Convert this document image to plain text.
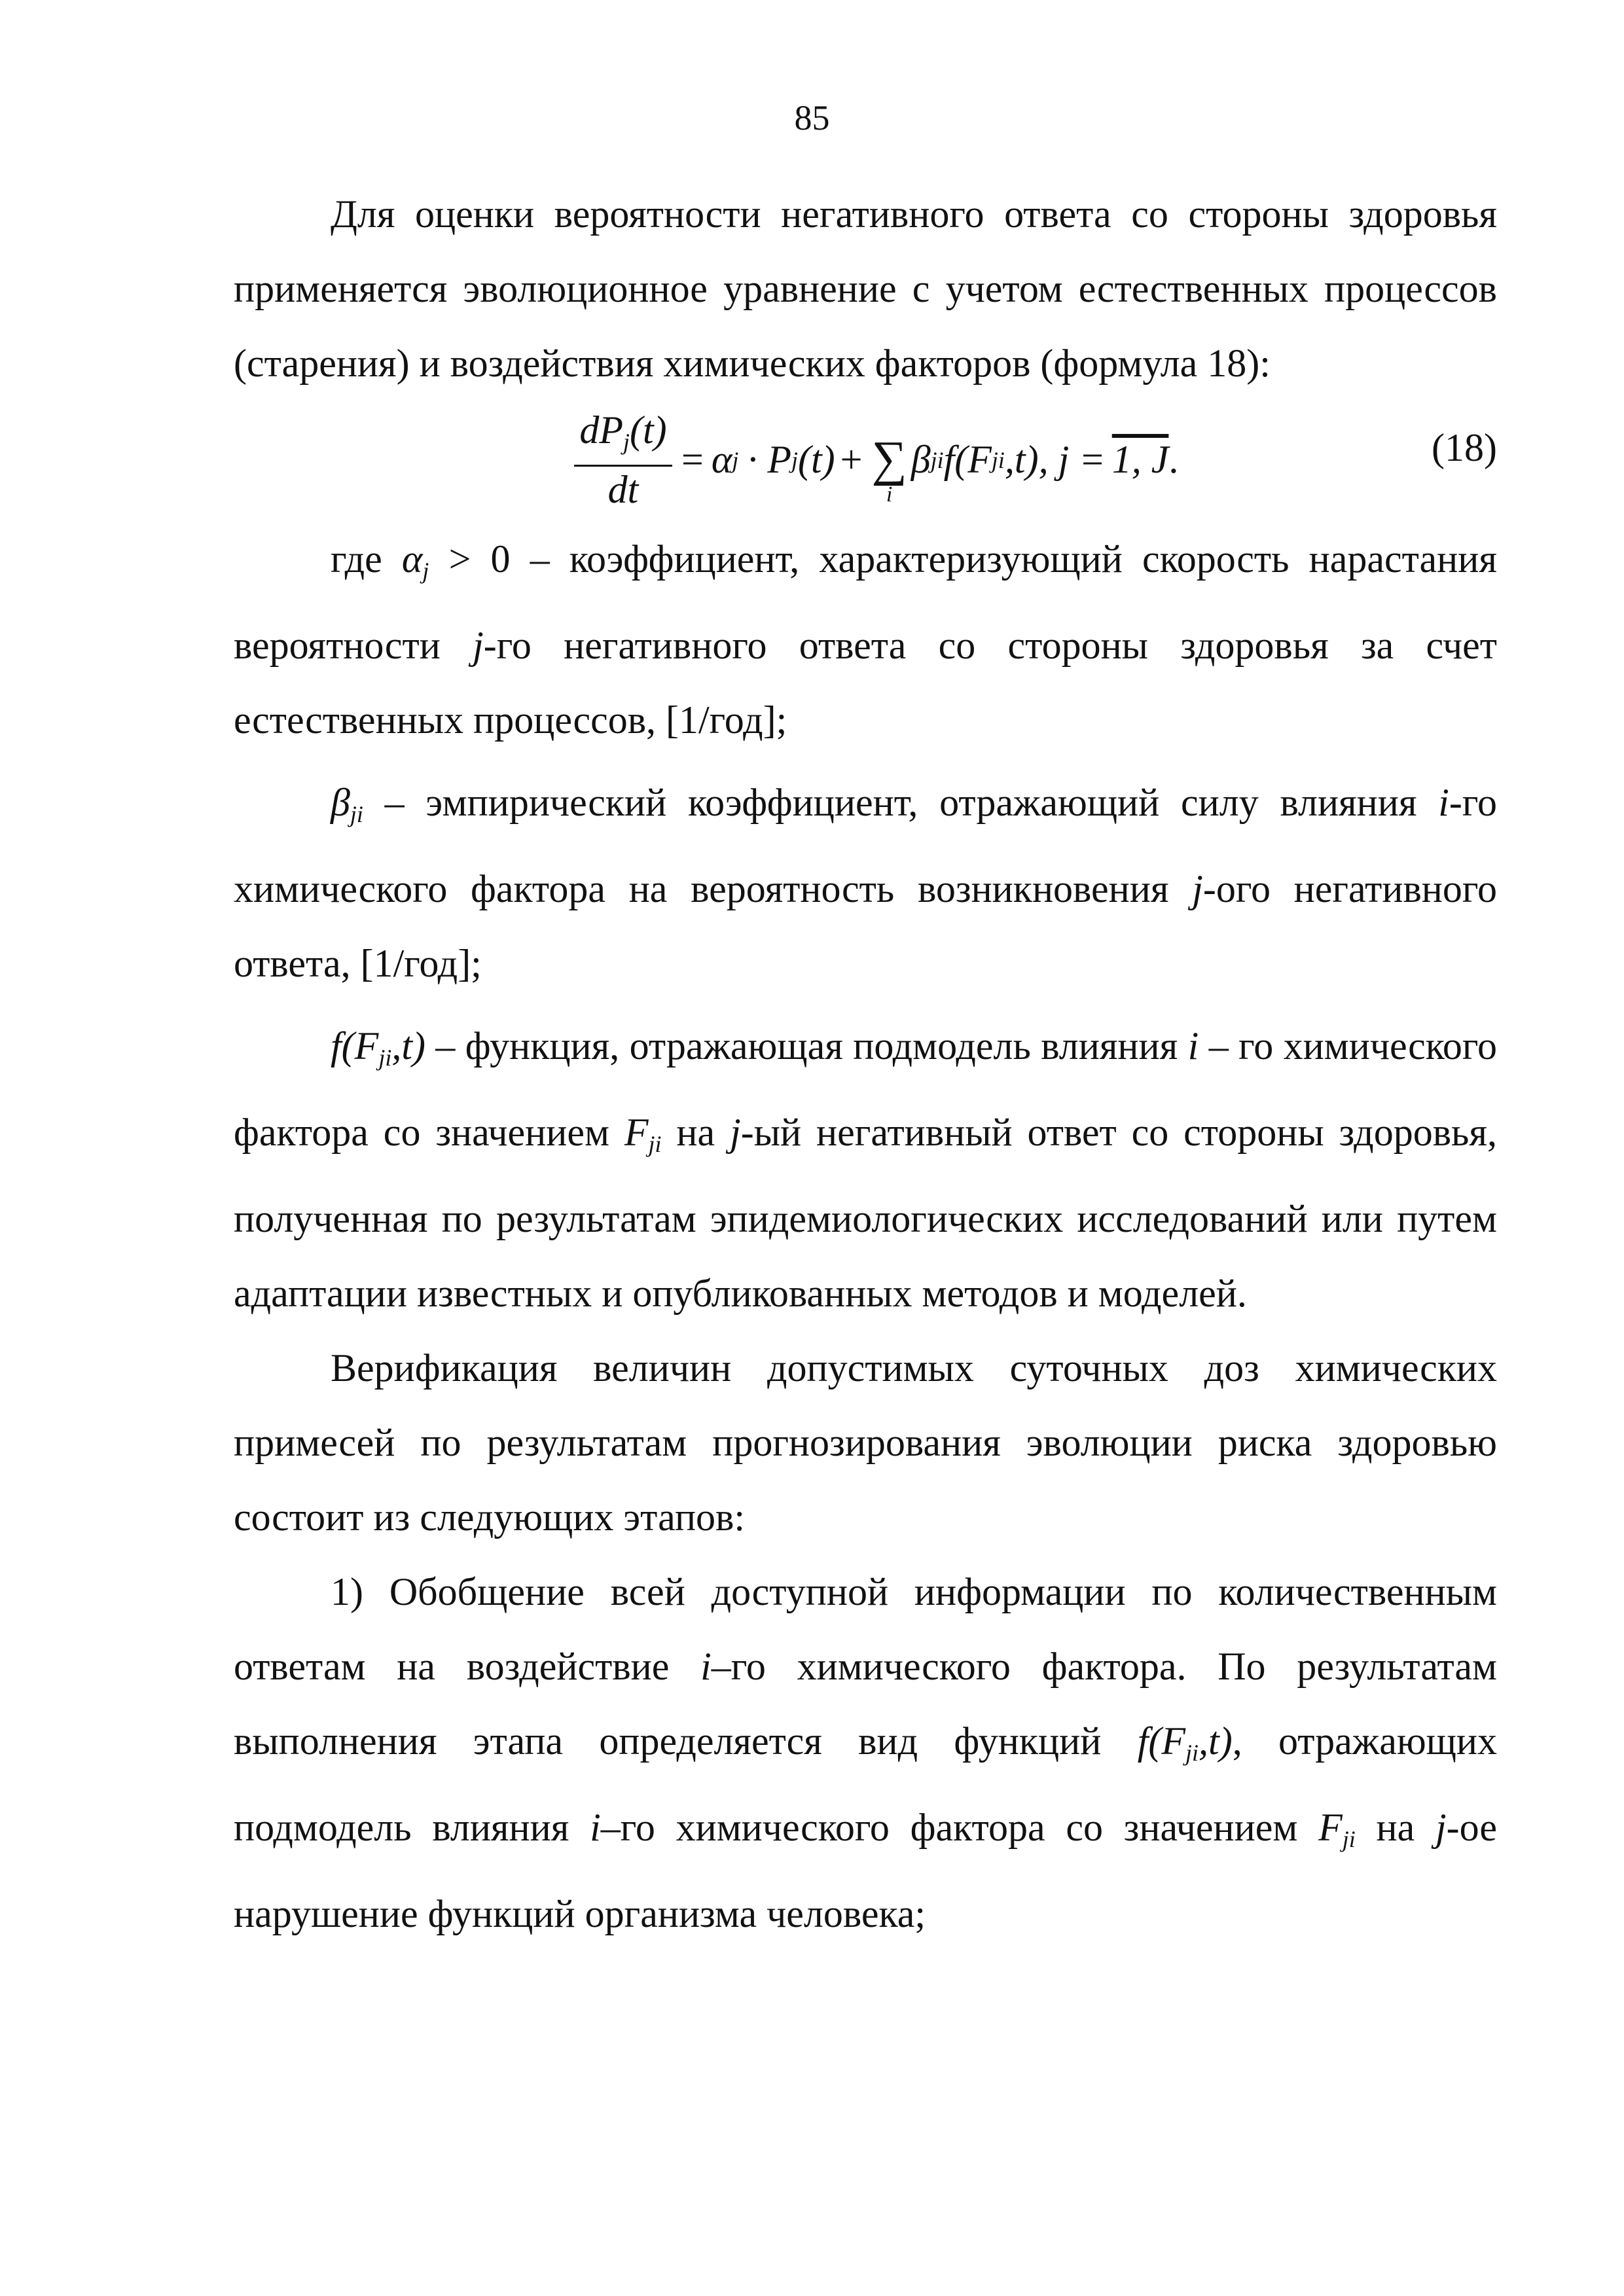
85

Для оценки вероятности негативного ответа со стороны здоровья применяется эволюционное уравнение с учетом естественных процессов (старения) и воздействия химических факторов (формула 18):

$\frac{dP_j(t)}{dt} = \alpha$ j · P j (t) + ∑
i
β ji f(F ji ,t), j = 1, J .	(18)

где $\alpha_j > 0$ – коэффициент, характеризующий скорость нарастания вероятности j-го негативного ответа со стороны здоровья за счет естественных процессов, [1/год];

$\beta_{ji}$ – эмпирический коэффициент, отражающий силу влияния i-го химического фактора на вероятность возникновения j-ого негативного ответа, [1/год];

$f(F_{ji},t)$ – функция, отражающая подмодель влияния i – го химического фактора со значением $F_{ji}$ на j-ый негативный ответ со стороны здоровья, полученная по результатам эпидемиологических исследований или путем адаптации известных и опубликованных методов и моделей.

Верификация величин допустимых суточных доз химических примесей по результатам прогнозирования эволюции риска здоровью состоит из следующих этапов:

1) Обобщение всей доступной информации по количественным ответам на воздействие i–го химического фактора. По результатам выполнения этапа определяется вид функций $f(F_{ji},t)$, отражающих подмодель влияния i–го химического фактора со значением $F_{ji}$ на j-ое нарушение функций организма человека;
